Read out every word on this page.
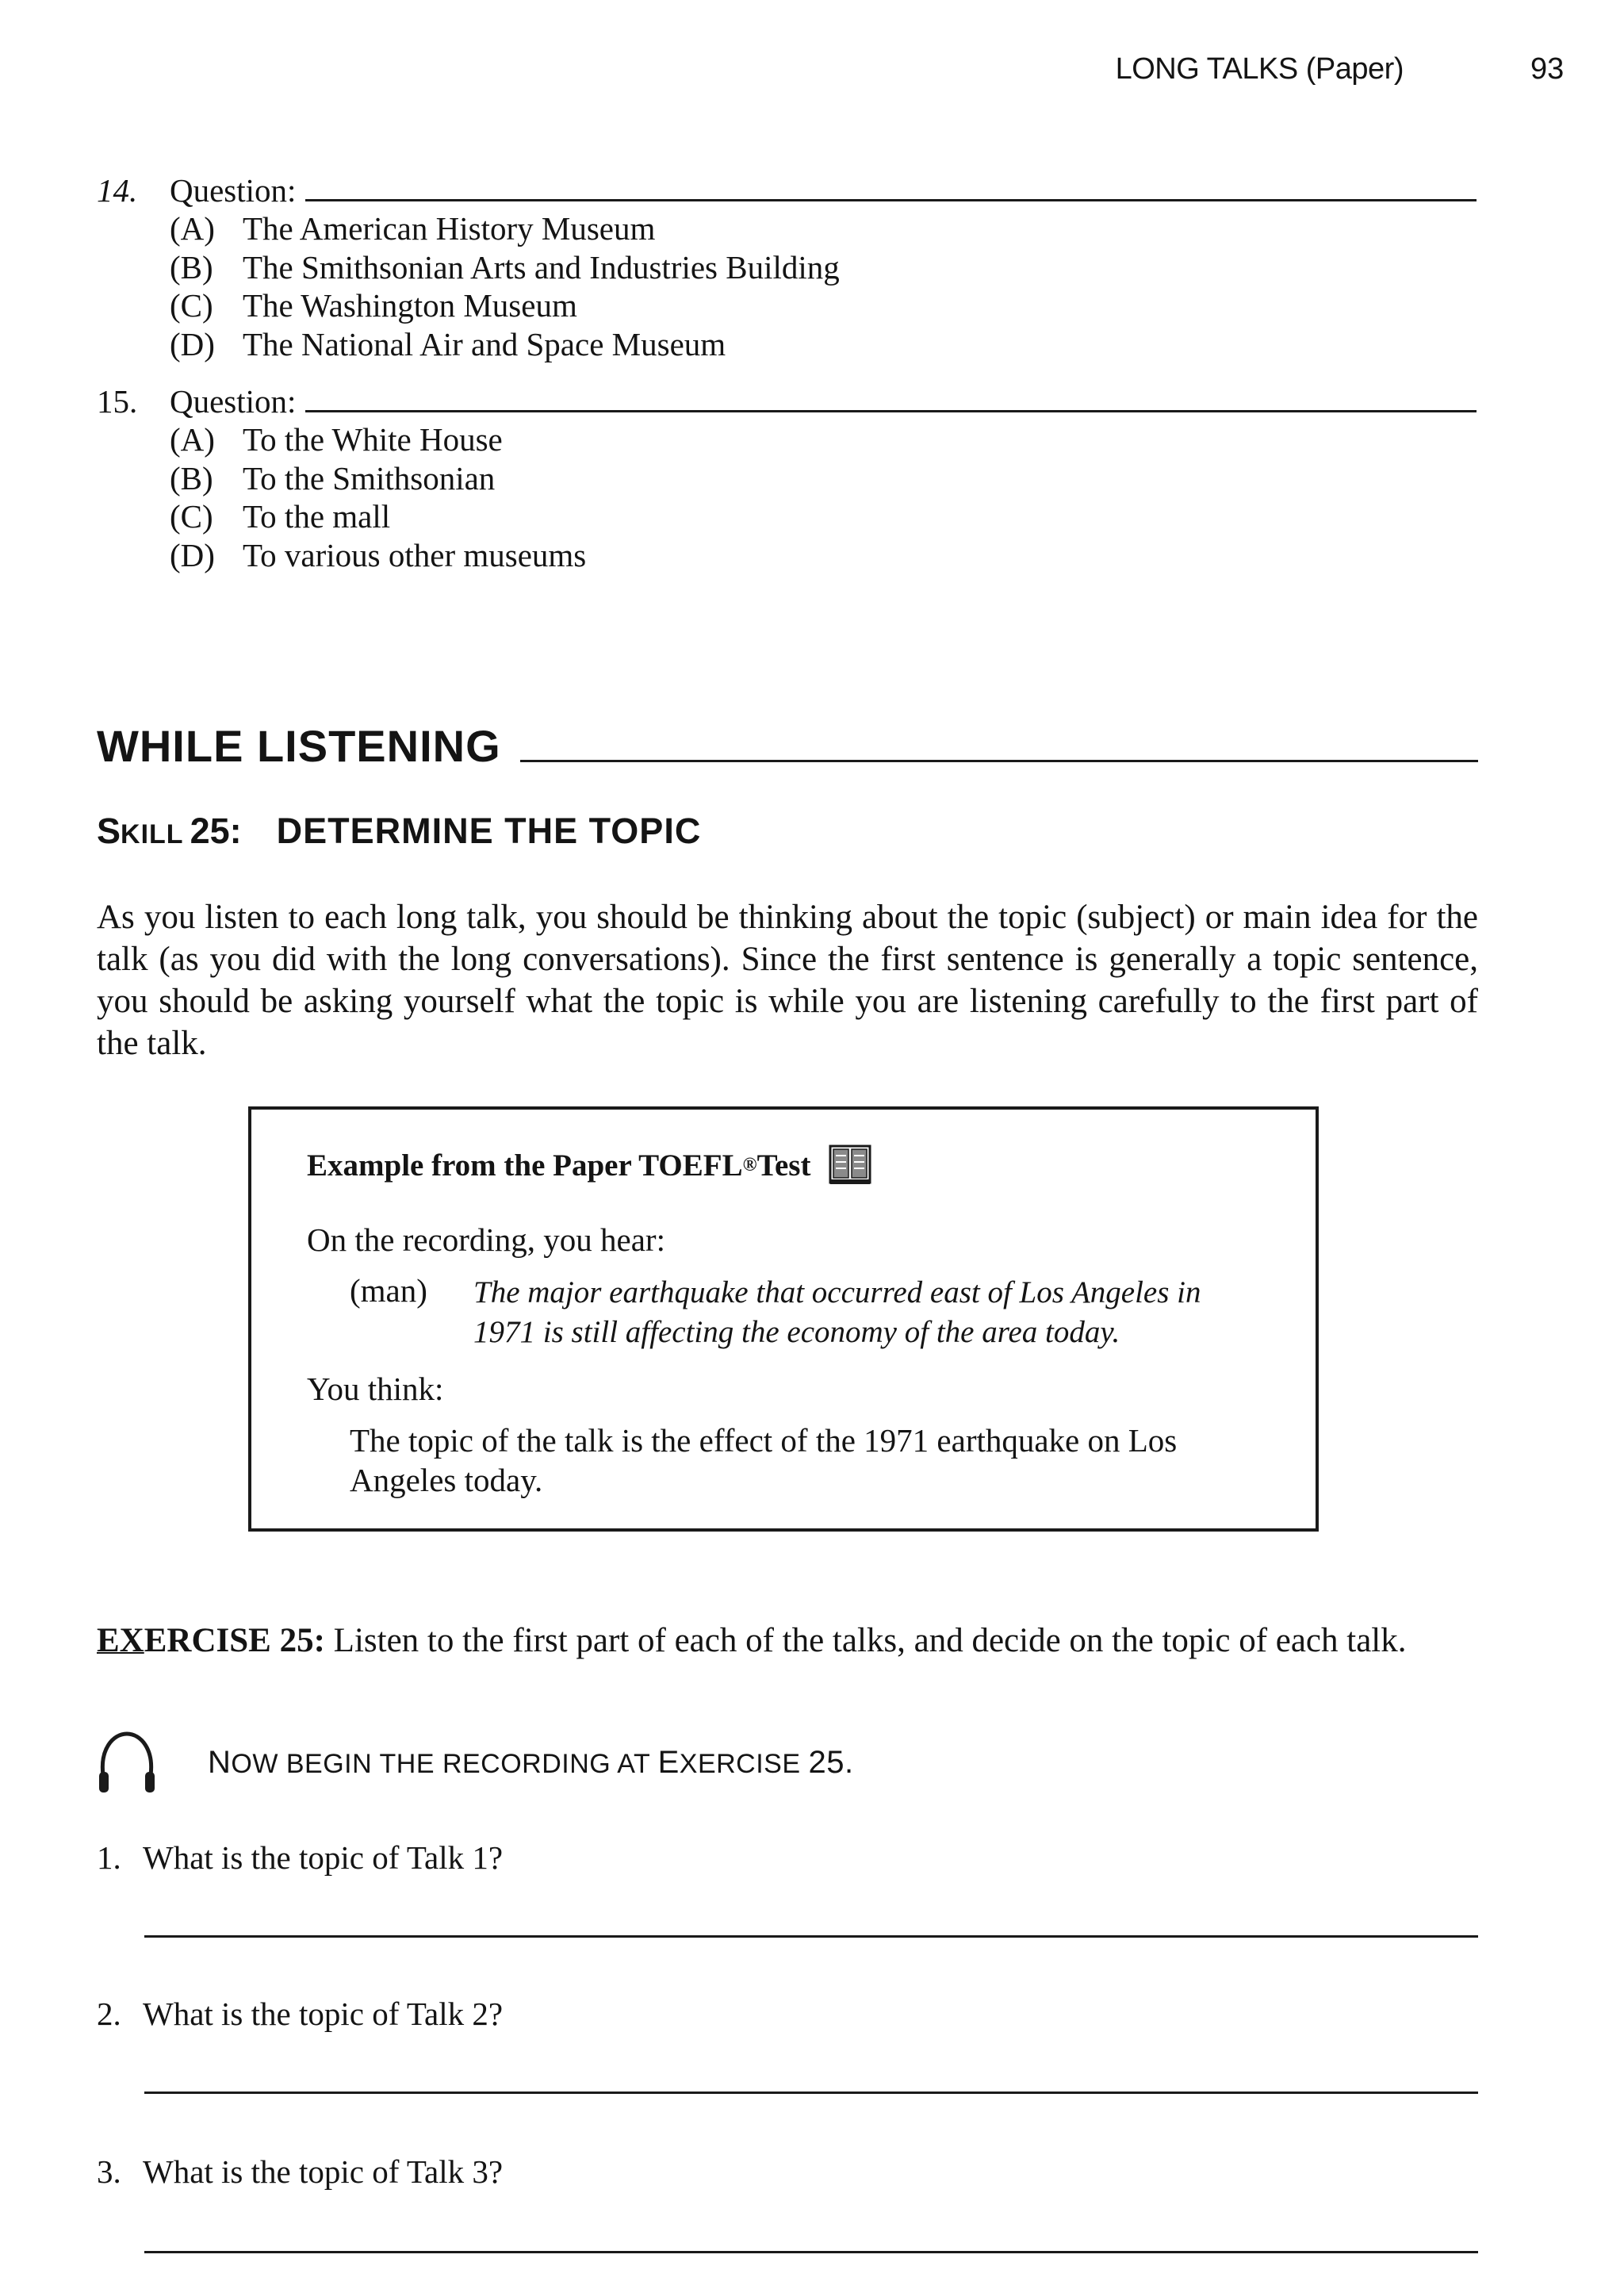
LONG TALKS (Paper)	93
14. Question:
(A) The American History Museum
(B) The Smithsonian Arts and Industries Building
(C) The Washington Museum
(D) The National Air and Space Museum
15. Question:
(A) To the White House
(B) To the Smithsonian
(C) To the mall
(D) To various other museums
WHILE LISTENING
S KILL 25: DETERMINE THE TOPIC
As you listen to each long talk, you should be thinking about the topic (subject) or main idea for the talk (as you did with the long conversations). Since the first sentence is generally a topic sentence, you should be asking yourself what the topic is while you are listening carefully to the first part of the talk.
Example from the Paper TOEFL ® Test
On the recording, you hear:
(man) The major earthquake that occurred east of Los Angeles in 1971 is still affecting the economy of the area today.
You think:
The topic of the talk is the effect of the 1971 earthquake on Los Angeles today.
EXERCISE 25: Listen to the first part of each of the talks, and decide on the topic of each talk.
NOW BEGIN THE RECORDING AT EXERCISE 25.
1. What is the topic of Talk 1?
2. What is the topic of Talk 2?
3. What is the topic of Talk 3?
